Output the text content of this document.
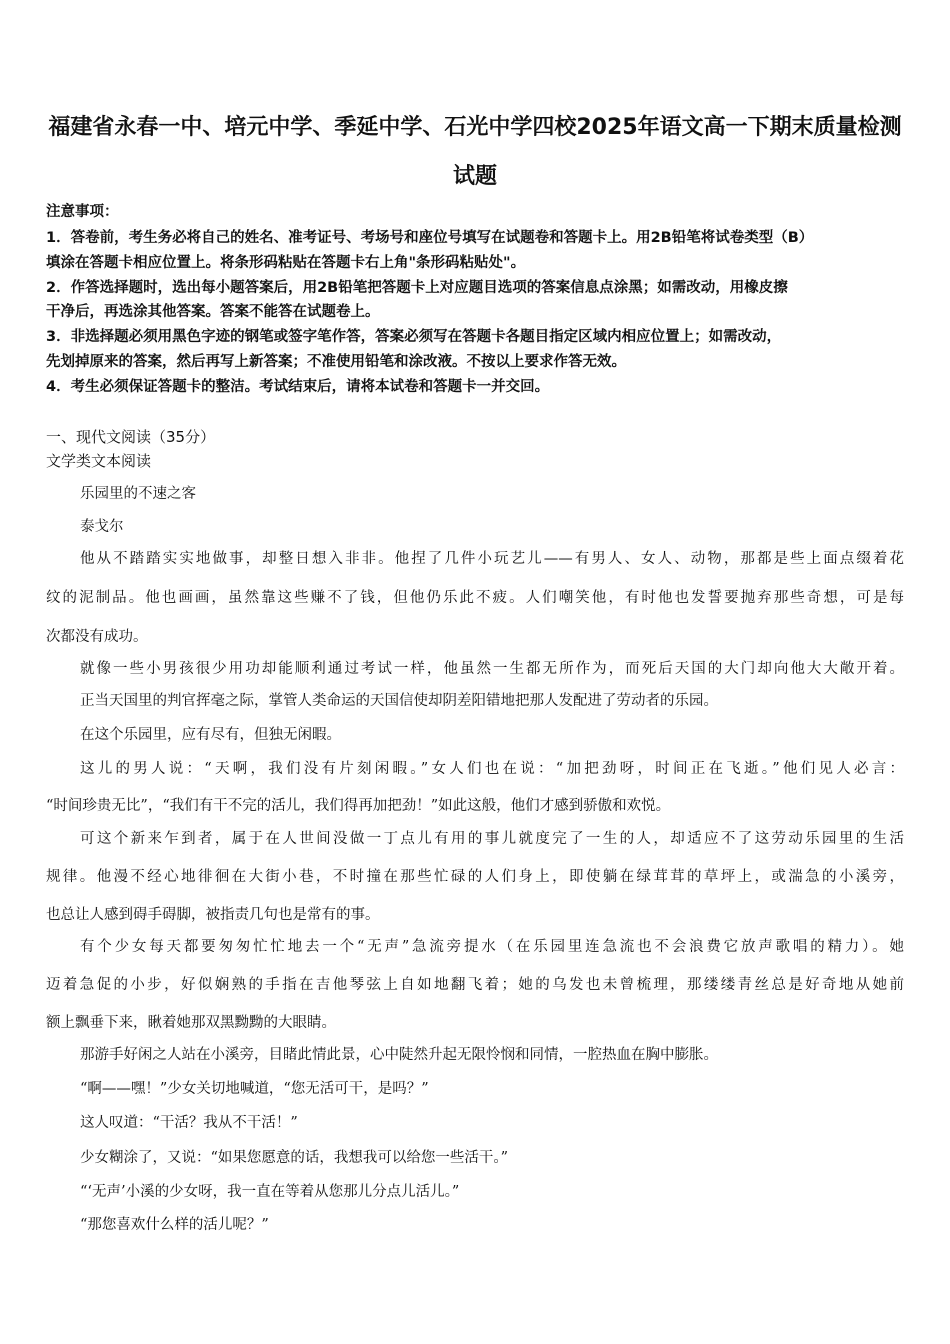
福建省永春一中、培元中学、季延中学、石光中学四校2025年语文高一下期末质量检测
试题
注意事项：
1．答卷前，考生务必将自己的姓名、准考证号、考场号和座位号填写在试题卷和答题卡上。用2B铅笔将试卷类型（B）
填涂在答题卡相应位置上。将条形码粘贴在答题卡右上角"条形码粘贴处"。
2．作答选择题时，选出每小题答案后，用2B铅笔把答题卡上对应题目选项的答案信息点涂黑；如需改动，用橡皮擦
干净后，再选涂其他答案。答案不能答在试题卷上。
3．非选择题必须用黑色字迹的钢笔或签字笔作答，答案必须写在答题卡各题目指定区域内相应位置上；如需改动，
先划掉原来的答案，然后再写上新答案；不准使用铅笔和涂改液。不按以上要求作答无效。
4．考生必须保证答题卡的整洁。考试结束后，请将本试卷和答题卡一并交回。
一、现代文阅读（35分）
文学类文本阅读
乐园里的不速之客
泰戈尔
他从不踏踏实实地做事，却整日想入非非。他捏了几件小玩艺儿——有男人、女人、动物，那都是些上面点缀着花
纹的泥制品。他也画画，虽然靠这些赚不了钱，但他仍乐此不疲。人们嘲笑他，有时他也发誓要抛弃那些奇想，可是每
次都没有成功。
就像一些小男孩很少用功却能顺利通过考试一样，他虽然一生都无所作为，而死后天国的大门却向他大大敞开着。
正当天国里的判官挥毫之际，掌管人类命运的天国信使却阴差阳错地把那人发配进了劳动者的乐园。
在这个乐园里，应有尽有，但独无闲暇。
这儿的男人说：“天啊，我们没有片刻闲暇。”女人们也在说：“加把劲呀，时间正在飞逝。”他们见人必言：
“时间珍贵无比”，“我们有干不完的活儿，我们得再加把劲！”如此这般，他们才感到骄傲和欢悦。
可这个新来乍到者，属于在人世间没做一丁点儿有用的事儿就度完了一生的人，却适应不了这劳动乐园里的生活
规律。他漫不经心地徘徊在大街小巷，不时撞在那些忙碌的人们身上，即使躺在绿茸茸的草坪上，或湍急的小溪旁，
也总让人感到碍手碍脚，被指责几句也是常有的事。
有个少女每天都要匆匆忙忙地去一个“无声”急流旁提水（在乐园里连急流也不会浪费它放声歌唱的精力）。她
迈着急促的小步，好似娴熟的手指在吉他琴弦上自如地翻飞着；她的乌发也未曾梳理，那缕缕青丝总是好奇地从她前
额上飘垂下来，瞅着她那双黑黝黝的大眼睛。
那游手好闲之人站在小溪旁，目睹此情此景，心中陡然升起无限怜悯和同情，一腔热血在胸中膨胀。
“啊——嘿！”少女关切地喊道，“您无活可干，是吗？”
这人叹道：“干活？我从不干活！”
少女糊涂了，又说：“如果您愿意的话，我想我可以给您一些活干。”
“‘无声’小溪的少女呀，我一直在等着从您那儿分点儿活儿。”
“那您喜欢什么样的活儿呢？”
